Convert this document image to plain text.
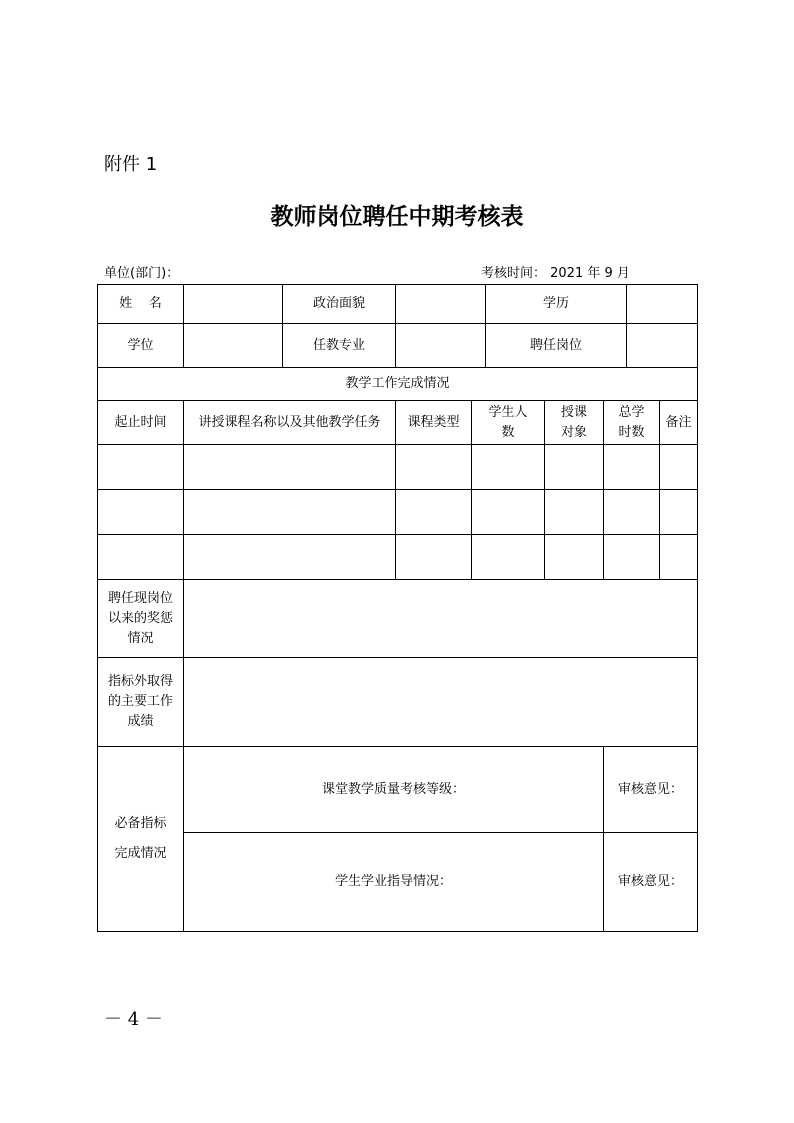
附件 1
教师岗位聘任中期考核表
单位(部门)：	考核时间： 2021 年 9 月
姓    名		政治面貌			学历				
学位		任教专业			聘任岗位				
教学工作完成情况									
起止时间	讲授课程名称以及其他教学任务		课程类型	学生人数		授课对象	总学时数		备注

聘任现岗位以来的奖惩情况									
指标外取得的主要工作成绩									
必备指标完成情况	课堂教学质量考核等级：						审核意见：		
	学生学业指导情况：						审核意见：		
－ 4 －
